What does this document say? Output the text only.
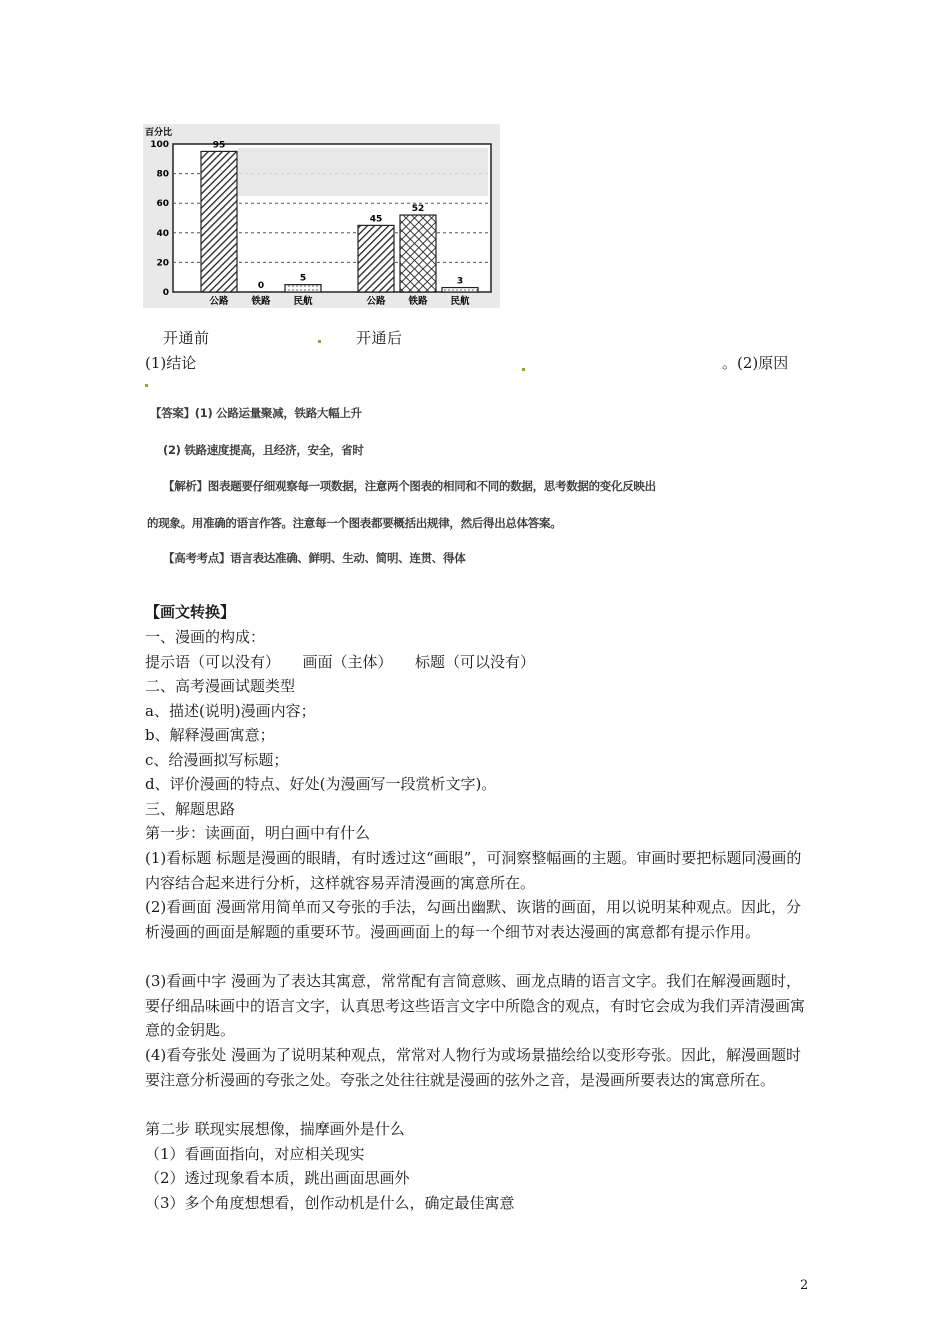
百分比
0
20
40
60
80
100	95
0
5
45
52
3
公路 铁路 民航	公路 铁路 民航
开通前	开通后
(1)结论	。(2)原因

【答案】(1) 公路运量聚减，铁路大幅上升
(2) 铁路速度提高，且经济，安全，省时
【解析】图表题要仔细观察每一项数据，注意两个图表的相同和不同的数据，思考数据的变化反映出
的现象。用准确的语言作答。注意每一个图表都要概括出规律，然后得出总体答案。
【高考考点】语言表达准确、鲜明、生动、简明、连贯、得体
【画文转换】
一、漫画的构成：
提示语（可以没有）　　画面（主体）　　标题（可以没有）
二、高考漫画试题类型
a、描述(说明)漫画内容；
b、解释漫画寓意；
c、给漫画拟写标题；
d、评价漫画的特点、好处(为漫画写一段赏析文字)。
三、解题思路
第一步：读画面，明白画中有什么
(1)看标题 标题是漫画的眼睛，有时透过这“画眼”，可洞察整幅画的主题。审画时要把标题同漫画的内容结合起来进行分析，这样就容易弄清漫画的寓意所在。
(2)看画面 漫画常用简单而又夸张的手法，勾画出幽默、诙谐的画面，用以说明某种观点。因此，分析漫画的画面是解题的重要环节。漫画画面上的每一个细节对表达漫画的寓意都有提示作用。
(3)看画中字 漫画为了表达其寓意，常常配有言简意赅、画龙点睛的语言文字。我们在解漫画题时，要仔细品味画中的语言文字，认真思考这些语言文字中所隐含的观点，有时它会成为我们弄清漫画寓意的金钥匙。
(4)看夸张处 漫画为了说明某种观点，常常对人物行为或场景描绘给以变形夸张。因此，解漫画题时要注意分析漫画的夸张之处。夸张之处往往就是漫画的弦外之音，是漫画所要表达的寓意所在。
第二步 联现实展想像，揣摩画外是什么
（1）看画面指向，对应相关现实
（2）透过现象看本质，跳出画面思画外
（3）多个角度想想看，创作动机是什么，确定最佳寓意
2
